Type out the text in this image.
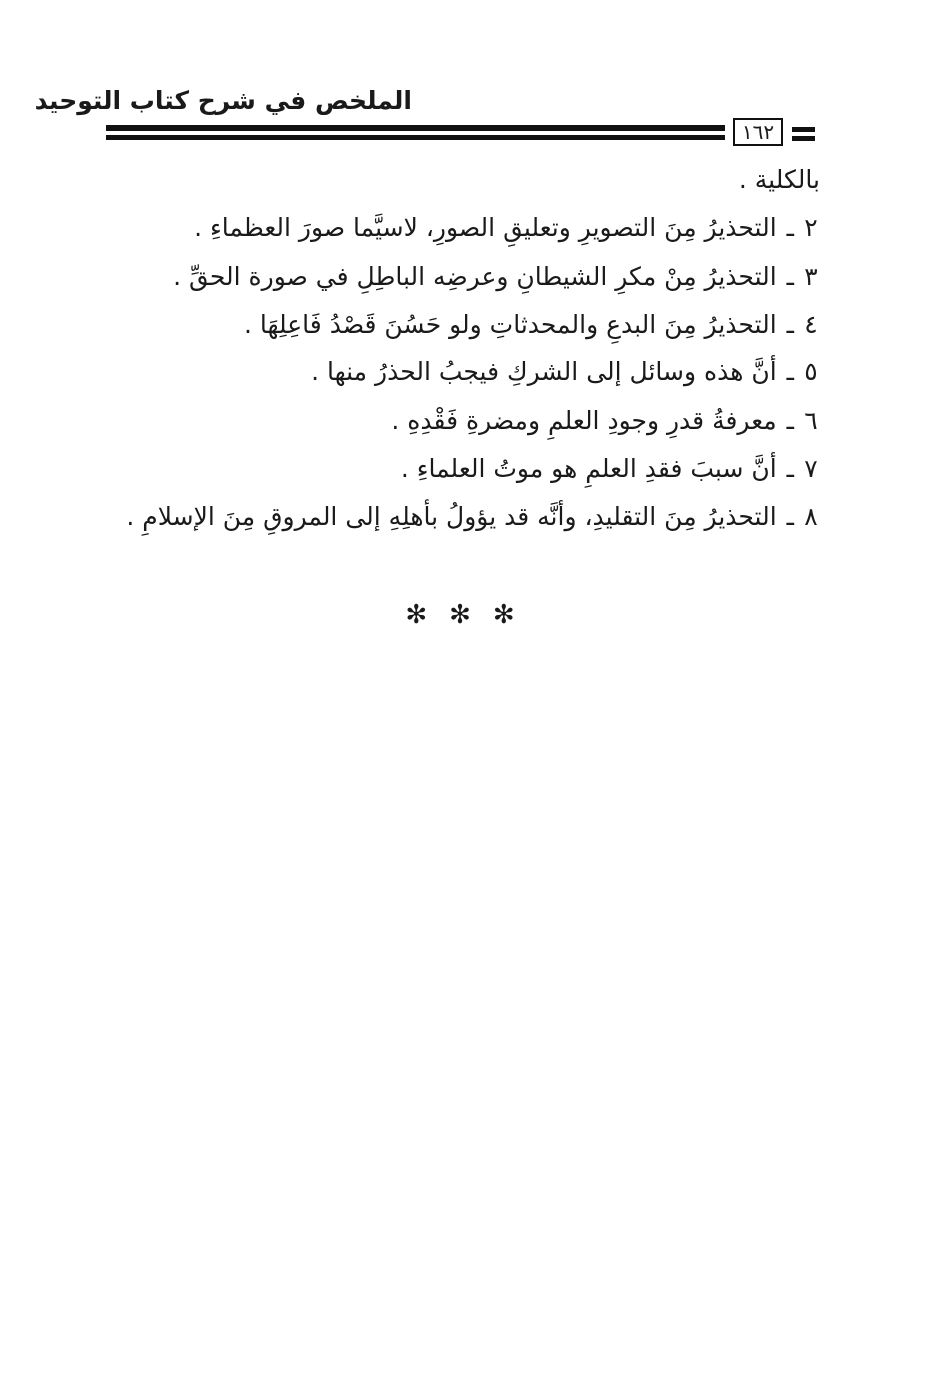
الملخص في شرح كتاب التوحيد
١٦٢
بالكلية .
٢ـالتحذيرُ مِنَ التصويرِ وتعليقِ الصورِ، لاسيَّما صورَ العظماءِ .
٣ـالتحذيرُ مِنْ مكرِ الشيطانِ وعرضِه الباطِلِ في صورة الحقِّ .
٤ـالتحذيرُ مِنَ البدعِ والمحدثاتِ ولو حَسُنَ قَصْدُ فَاعِلِهَا .
٥ـأنَّ هذه وسائل إلى الشركِ فيجبُ الحذرُ منها .
٦ـمعرفةُ قدرِ وجودِ العلمِ ومضرةِ فَقْدِهِ .
٧ـأنَّ سببَ فقدِ العلمِ هو موتُ العلماءِ .
٨ـالتحذيرُ مِنَ التقليدِ، وأنَّه قد يؤولُ بأهلِهِ إلى المروقِ مِنَ الإسلامِ .
✻✻✻
